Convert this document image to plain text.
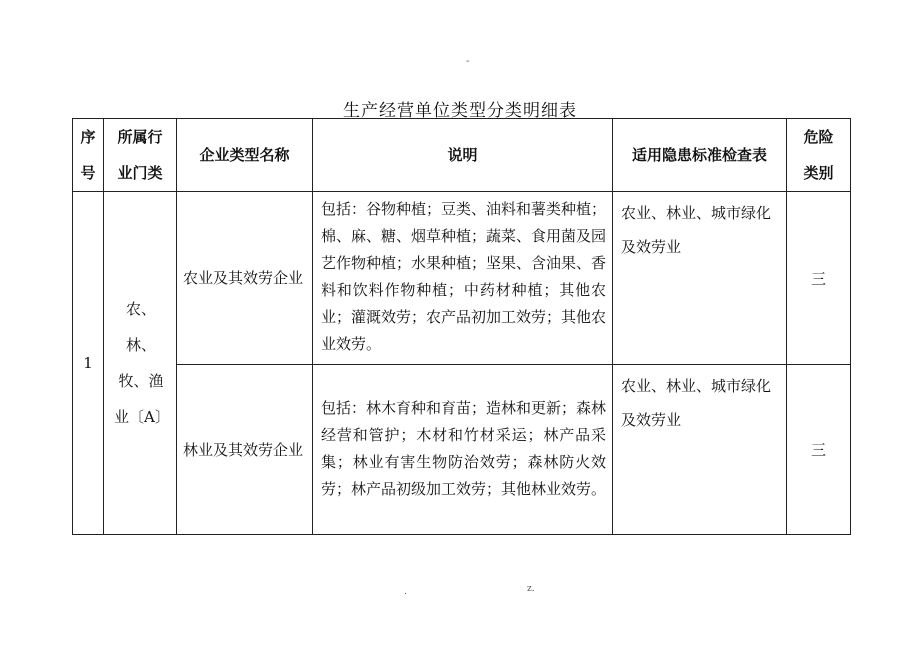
-
生产经营单位类型分类明细表
序号	所属行业门类	企业类型名称	说明	适用隐患标准检查表	危险类别
1	农、林、牧、渔业〔A〕	农业及其效劳企业	包括：谷物种植；豆类、油料和薯类种植；棉、麻、糖、烟草种植；蔬菜、食用菌及园艺作物种植；水果种植；坚果、含油果、香料和饮料作物种植；中药材种植；其他农业；灌溉效劳；农产品初加工效劳；其他农业效劳。	农业、林业、城市绿化及效劳业	三
		林业及其效劳企业	包括：林木育种和育苗；造林和更新；森林经营和管护；木材和竹材采运；林产品采集；林业有害生物防治效劳；森林防火效劳；林产品初级加工效劳；其他林业效劳。	农业、林业、城市绿化及效劳业	三
.	z.
